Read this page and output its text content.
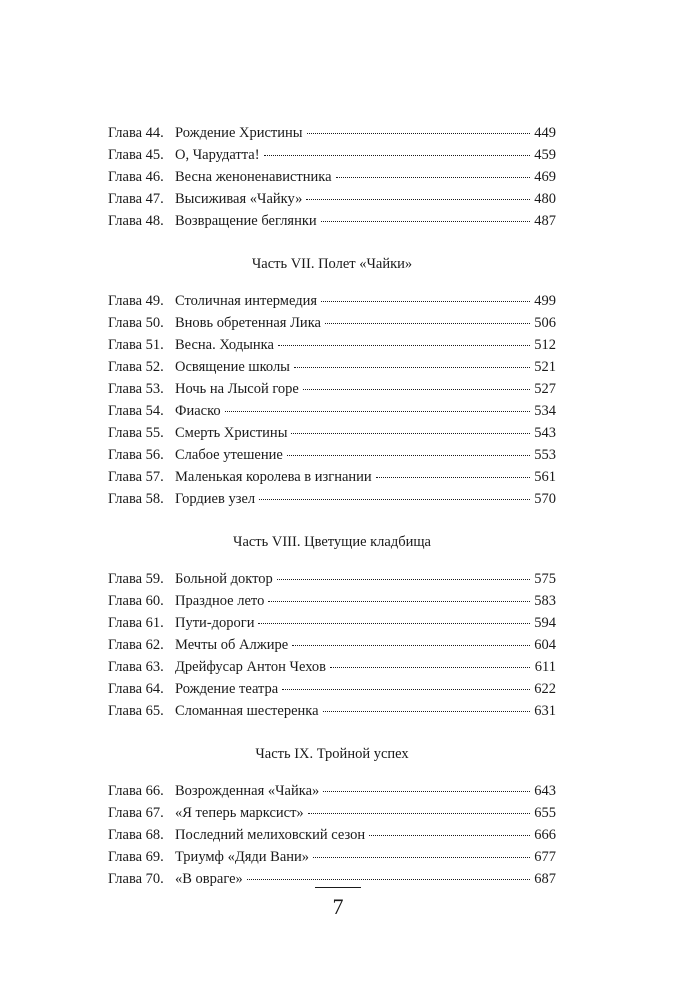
Глава 44. Рождение Христины	449
Глава 45. О, Чарудатта!	459
Глава 46. Весна женоненавистника	469
Глава 47. Высиживая «Чайку»	480
Глава 48. Возвращение беглянки	487
Часть VII. Полет «Чайки»
Глава 49. Столичная интермедия	499
Глава 50. Вновь обретенная Лика	506
Глава 51. Весна. Ходынка	512
Глава 52. Освящение школы	521
Глава 53. Ночь на Лысой горе	527
Глава 54. Фиаско	534
Глава 55. Смерть Христины	543
Глава 56. Слабое утешение	553
Глава 57. Маленькая королева в изгнании	561
Глава 58. Гордиев узел	570
Часть VIII. Цветущие кладбища
Глава 59. Больной доктор	575
Глава 60. Праздное лето	583
Глава 61. Пути-дороги	594
Глава 62. Мечты об Алжире	604
Глава 63. Дрейфусар Антон Чехов	611
Глава 64. Рождение театра	622
Глава 65. Сломанная шестеренка	631
Часть IX. Тройной успех
Глава 66. Возрожденная «Чайка»	643
Глава 67. «Я теперь марксист»	655
Глава 68. Последний мелиховский сезон	666
Глава 69. Триумф «Дяди Вани»	677
Глава 70. «В овраге»	687
7
